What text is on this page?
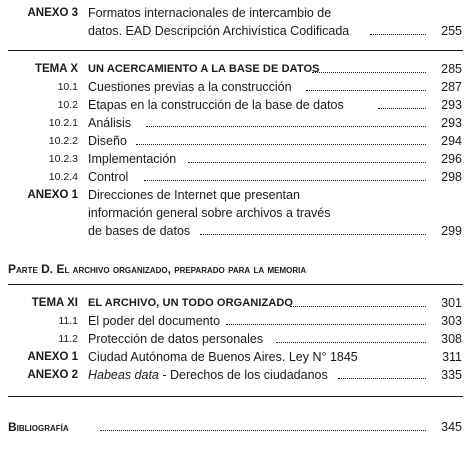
ANEXO 3 Formatos internacionales de intercambio de
datos. EAD Descripción Archivística Codificada	255
TEMA X UN ACERCAMIENTO A LA BASE DE DATOS	285
10.1 Cuestiones previas a la construcción	287
10.2 Etapas en la construcción de la base de datos	293
10.2.1 Análisis	293
10.2.2 Diseño	294
10.2.3 Implementación	296
10.2.4 Control	298
ANEXO 1 Direcciones de Internet que presentan
información general sobre archivos a través
de bases de datos	299
Parte D. El archivo organizado, preparado para la memoria
TEMA XI EL ARCHIVO, UN TODO ORGANIZADO	301
11.1 El poder del documento	303
11.2 Protección de datos personales	308
ANEXO 1 Ciudad Autónoma de Buenos Aires. Ley N° 1845	311
ANEXO 2 Habeas data - Derechos de los ciudadanos	335
Bibliografía	345
